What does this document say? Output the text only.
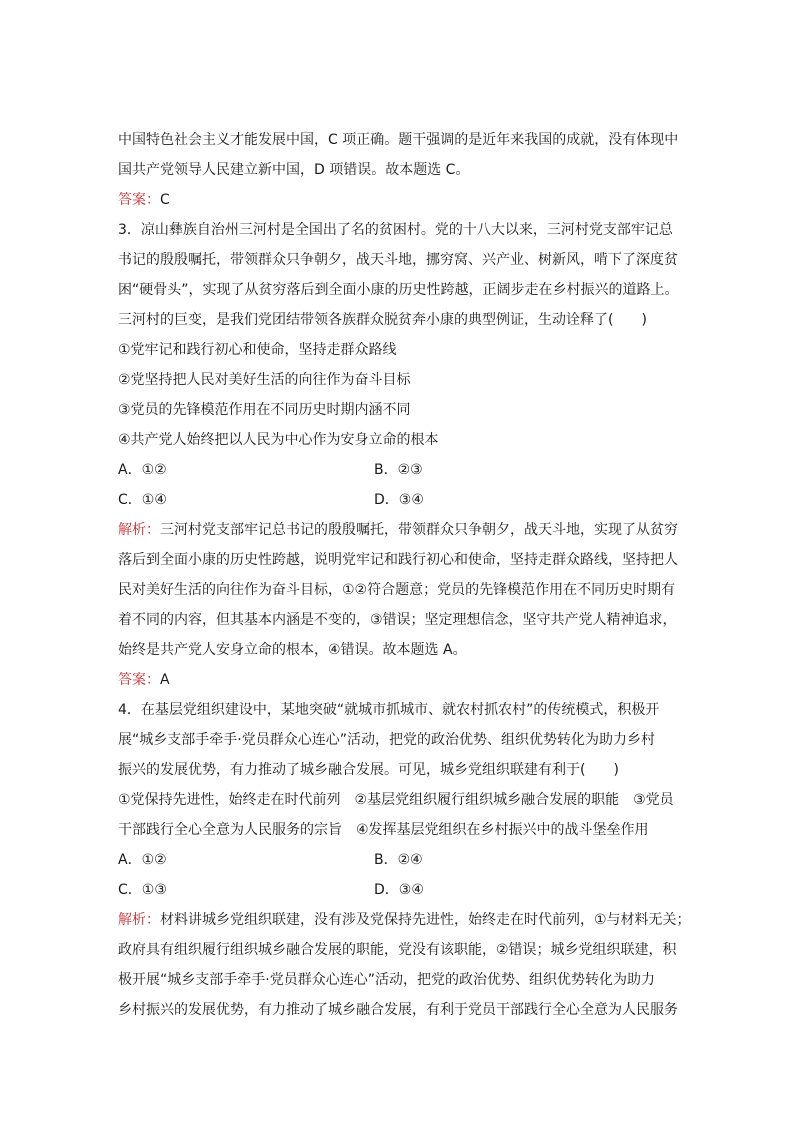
中国特色社会主义才能发展中国，C 项正确。题干强调的是近年来我国的成就，没有体现中
国共产党领导人民建立新中国，D 项错误。故本题选 C。
答案：C
3．凉山彝族自治州三河村是全国出了名的贫困村。党的十八大以来，三河村党支部牢记总
书记的殷殷嘱托，带领群众只争朝夕，战天斗地，挪穷窝、兴产业、树新风，啃下了深度贫
困“硬骨头”，实现了从贫穷落后到全面小康的历史性跨越，正阔步走在乡村振兴的道路上。
三河村的巨变，是我们党团结带领各族群众脱贫奔小康的典型例证，生动诠释了(　　)
①党牢记和践行初心和使命，坚持走群众路线
②党坚持把人民对美好生活的向往作为奋斗目标
③党员的先锋模范作用在不同历史时期内涵不同
④共产党人始终把以人民为中心作为安身立命的根本
A．①②	B．②③
C．①④	D．③④
解析：三河村党支部牢记总书记的殷殷嘱托，带领群众只争朝夕，战天斗地，实现了从贫穷
落后到全面小康的历史性跨越，说明党牢记和践行初心和使命，坚持走群众路线，坚持把人
民对美好生活的向往作为奋斗目标，①②符合题意；党员的先锋模范作用在不同历史时期有
着不同的内容，但其基本内涵是不变的，③错误；坚定理想信念，坚守共产党人精神追求，
始终是共产党人安身立命的根本，④错误。故本题选 A。
答案：A
4．在基层党组织建设中，某地突破“就城市抓城市、就农村抓农村”的传统模式，积极开
展“城乡支部手牵手·党员群众心连心”活动，把党的政治优势、组织优势转化为助力乡村
振兴的发展优势，有力推动了城乡融合发展。可见，城乡党组织联建有利于(　　)
①党保持先进性，始终走在时代前列　②基层党组织履行组织城乡融合发展的职能　③党员
干部践行全心全意为人民服务的宗旨　④发挥基层党组织在乡村振兴中的战斗堡垒作用
A．①②	B．②④
C．①③	D．③④
解析：材料讲城乡党组织联建，没有涉及党保持先进性，始终走在时代前列，①与材料无关；
政府具有组织履行组织城乡融合发展的职能，党没有该职能，②错误；城乡党组织联建，积
极开展“城乡支部手牵手·党员群众心连心”活动，把党的政治优势、组织优势转化为助力
乡村振兴的发展优势，有力推动了城乡融合发展，有利于党员干部践行全心全意为人民服务
